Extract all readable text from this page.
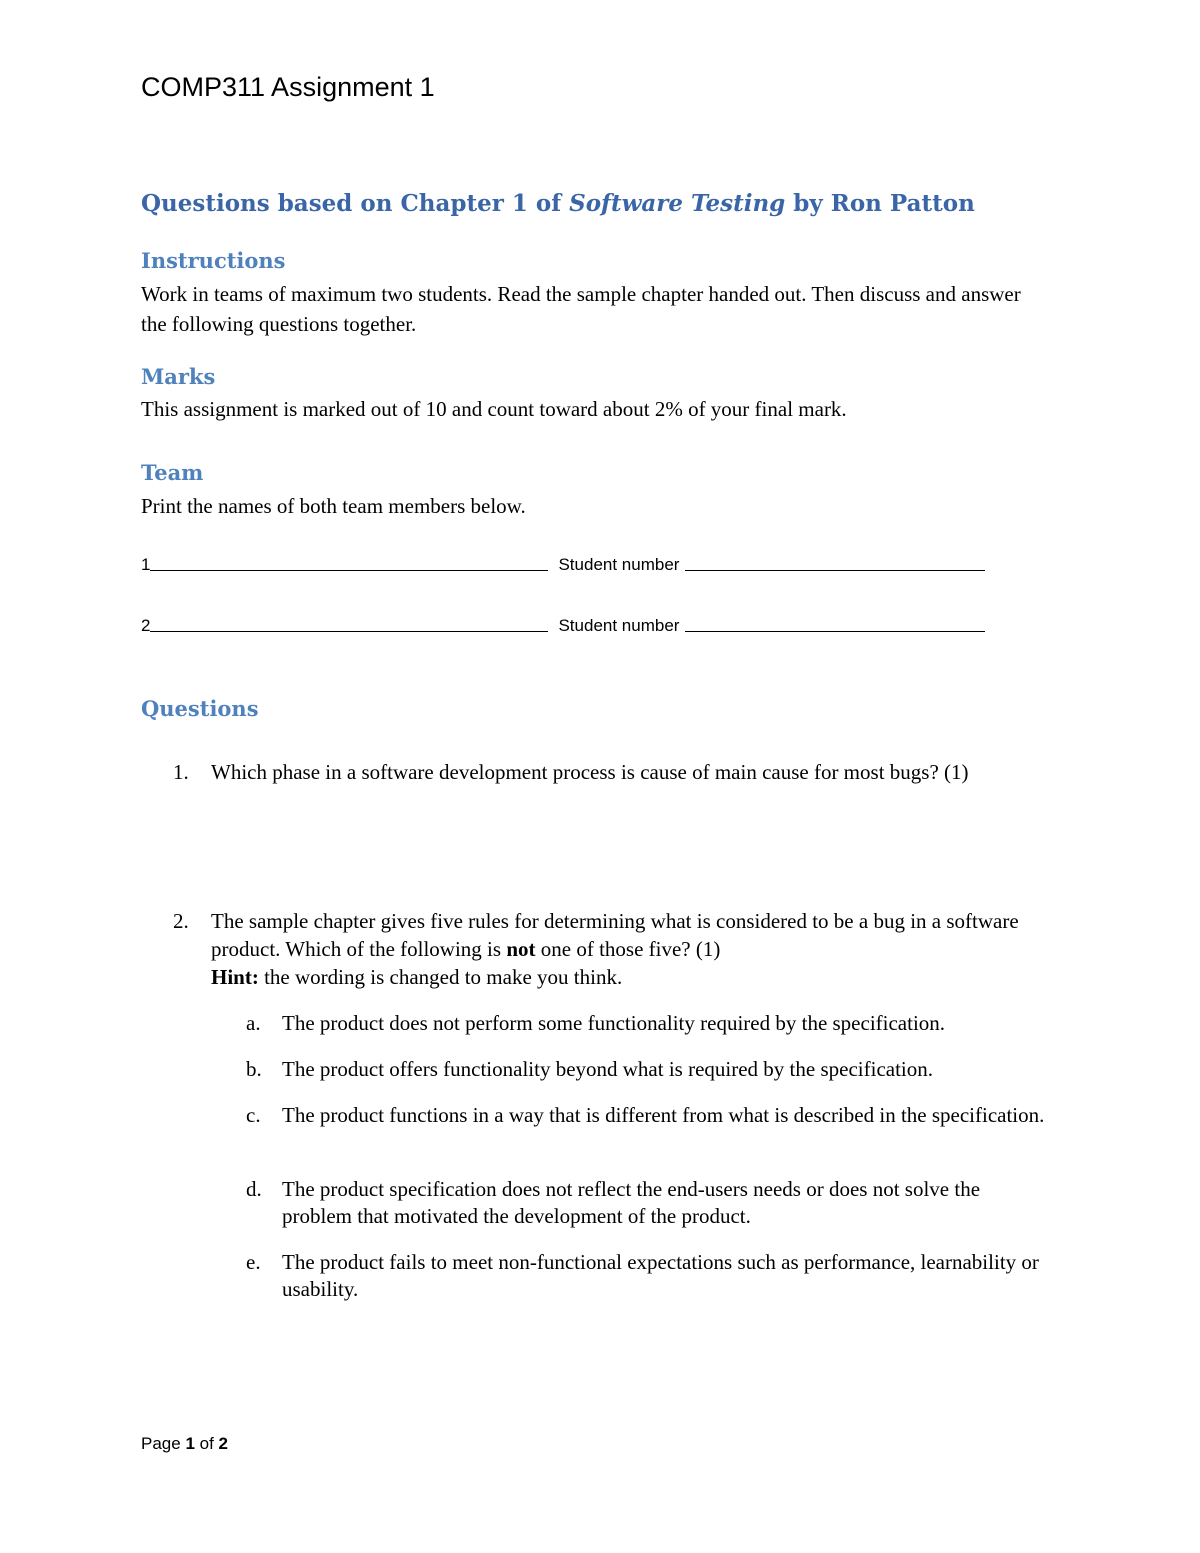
COMP311 Assignment 1
Questions based on Chapter 1 of Software Testing by Ron Patton
Instructions

Work in teams of maximum two students. Read the sample chapter handed out. Then discuss and answer the following questions together.

Marks

This assignment is marked out of 10 and count toward about 2% of your final mark.

Team

Print the names of both team members below.

1	Student number
2	Student number
Questions
1.	Which phase in a software development process is cause of main cause for most bugs? (1)
2.	The sample chapter gives five rules for determining what is considered to be a bug in a software product. Which of the following is not one of those five? (1)
Hint: the wording is changed to make you think.
a.	The product does not perform some functionality required by the specification.
b. The product offers functionality beyond what is required by the specification.
c.	The product functions in a way that is different from what is described in the specification.
d. The product specification does not reflect the end-users needs or does not solve the problem that motivated the development of the product.
e.	The product fails to meet non-functional expectations such as performance, learnability or usability.

Page 1 of 2
